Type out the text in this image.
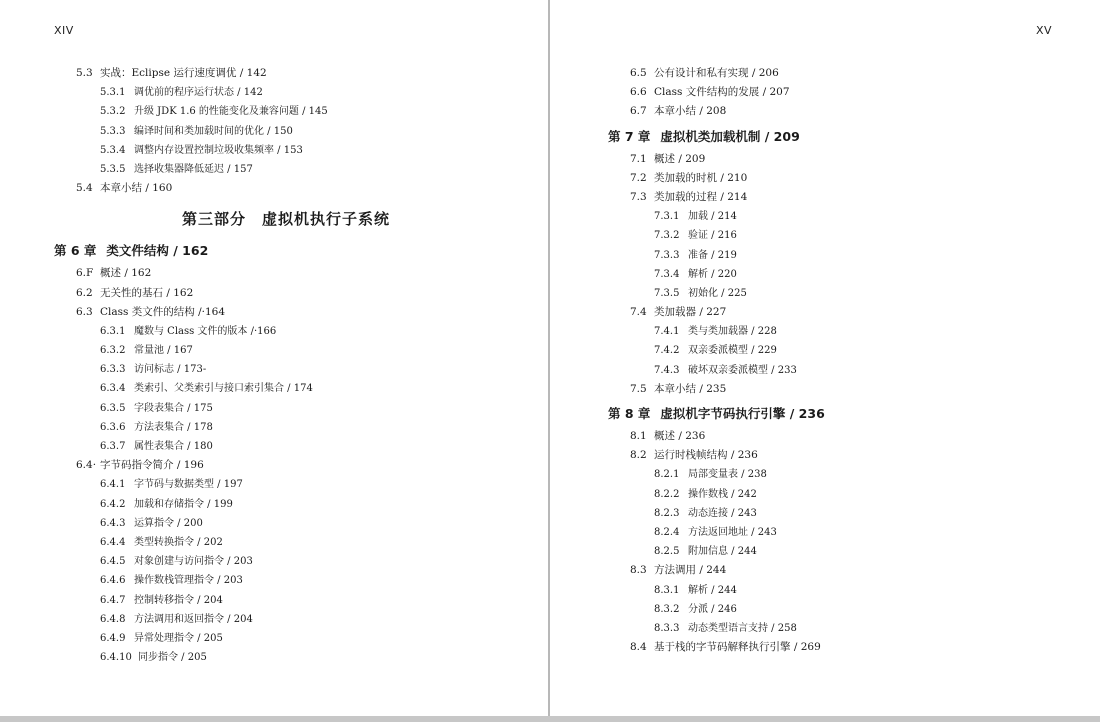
XIV
5.3 实战：Eclipse 运行速度调优 / 142
5.3.1 调优前的程序运行状态 / 142
5.3.2 升级 JDK 1.6 的性能变化及兼容问题 / 145
5.3.3 编译时间和类加载时间的优化 / 150
5.3.4 调整内存设置控制垃圾收集频率 / 153
5.3.5 选择收集器降低延迟 / 157
5.4 本章小结 / 160
第三部分　虚拟机执行子系统
第 6 章 类文件结构 / 162
6.F 概述 / 162
6.2 无关性的基石 / 162
6.3 Class 类文件的结构 /·164
6.3.1 魔数与 Class 文件的版本 /·166
6.3.2 常量池 / 167
6.3.3 访问标志 / 173-
6.3.4 类索引、父类索引与接口索引集合 / 174
6.3.5 字段表集合 / 175
6.3.6 方法表集合 / 178
6.3.7 属性表集合 / 180
6.4· 字节码指令简介 / 196
6.4.1 字节码与数据类型 / 197
6.4.2 加载和存储指令 / 199
6.4.3 运算指令 / 200
6.4.4 类型转换指令 / 202
6.4.5 对象创建与访问指令 / 203
6.4.6 操作数栈管理指令 / 203
6.4.7 控制转移指令 / 204
6.4.8 方法调用和返回指令 / 204
6.4.9 异常处理指令 / 205
6.4.10 同步指令 / 205
XV
6.5 公有设计和私有实现 / 206
6.6 Class 文件结构的发展 / 207
6.7 本章小结 / 208
第 7 章 虚拟机类加载机制 / 209
7.1 概述 / 209
7.2 类加载的时机 / 210
7.3 类加载的过程 / 214
7.3.1 加载 / 214
7.3.2 验证 / 216
7.3.3 准备 / 219
7.3.4 解析 / 220
7.3.5 初始化 / 225
7.4 类加载器 / 227
7.4.1 类与类加载器 / 228
7.4.2 双亲委派模型 / 229
7.4.3 破坏双亲委派模型 / 233
7.5 本章小结 / 235
第 8 章 虚拟机字节码执行引擎 / 236
8.1 概述 / 236
8.2 运行时栈帧结构 / 236
8.2.1 局部变量表 / 238
8.2.2 操作数栈 / 242
8.2.3 动态连接 / 243
8.2.4 方法返回地址 / 243
8.2.5 附加信息 / 244
8.3 方法调用 / 244
8.3.1 解析 / 244
8.3.2 分派 / 246
8.3.3 动态类型语言支持 / 258
8.4 基于栈的字节码解释执行引擎 / 269
